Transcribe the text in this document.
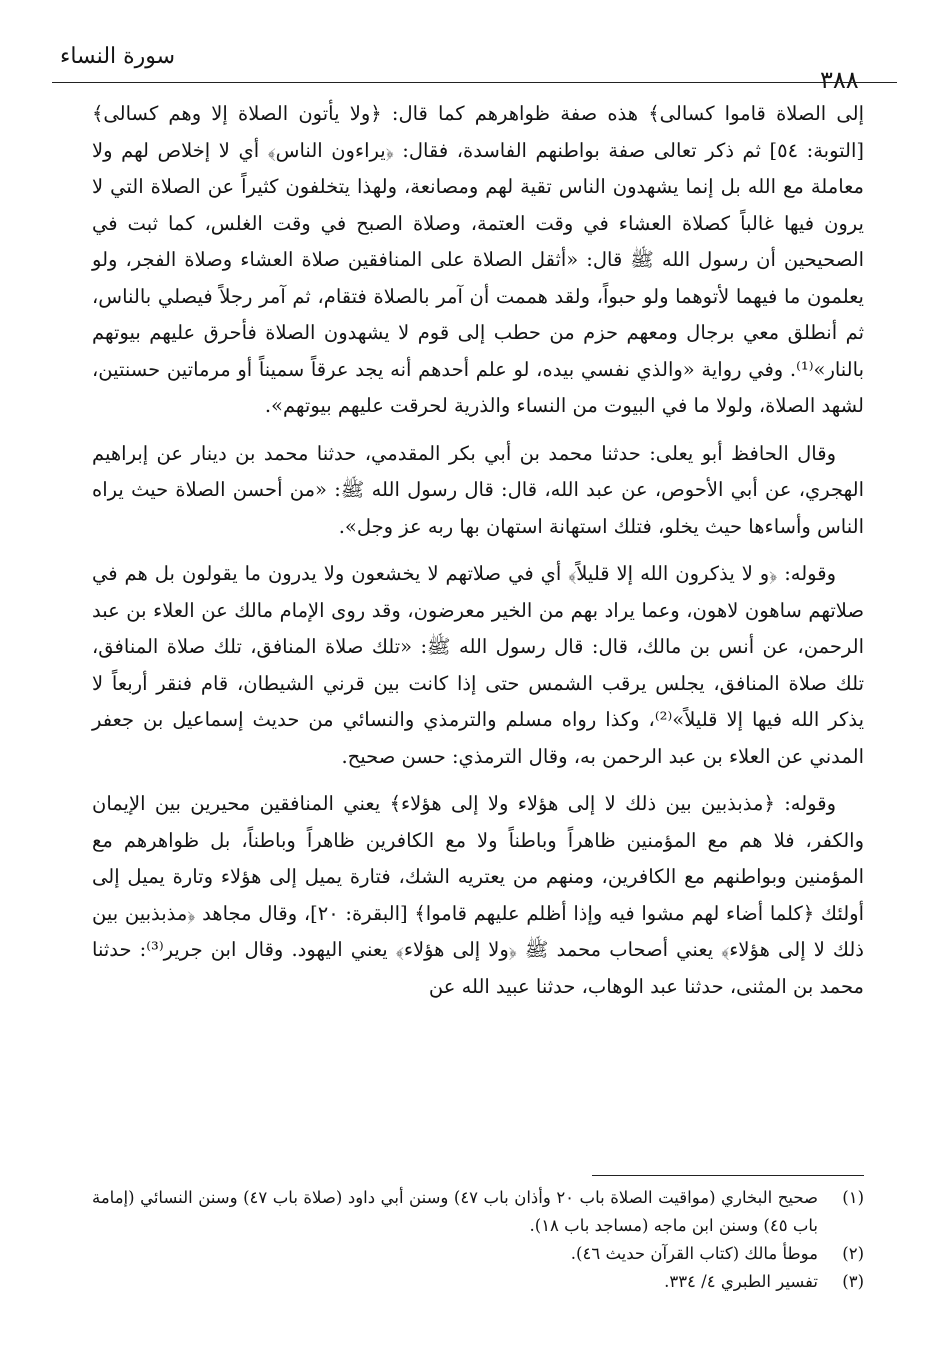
سورة النساء
٣٨٨

إلى الصلاة قاموا كسالى﴾ هذه صفة ظواهرهم كما قال: ﴿ولا يأتون الصلاة إلا وهم كسالى﴾ [التوبة: ٥٤] ثم ذكر تعالى صفة بواطنهم الفاسدة، فقال: ﴿يراءون الناس﴾ أي لا إخلاص لهم ولا معاملة مع الله بل إنما يشهدون الناس تقية لهم ومصانعة، ولهذا يتخلفون كثيراً عن الصلاة التي لا يرون فيها غالباً كصلاة العشاء في وقت العتمة، وصلاة الصبح في وقت الغلس، كما ثبت في الصحيحين أن رسول الله ﷺ قال: «أثقل الصلاة على المنافقين صلاة العشاء وصلاة الفجر، ولو يعلمون ما فيهما لأتوهما ولو حبواً، ولقد هممت أن آمر بالصلاة فتقام، ثم آمر رجلاً فيصلي بالناس، ثم أنطلق معي برجال ومعهم حزم من حطب إلى قوم لا يشهدون الصلاة فأحرق عليهم بيوتهم بالنار»⁽¹⁾. وفي رواية «والذي نفسي بيده، لو علم أحدهم أنه يجد عرقاً سميناً أو مرماتين حسنتين، لشهد الصلاة، ولولا ما في البيوت من النساء والذرية لحرقت عليهم بيوتهم».

وقال الحافظ أبو يعلى: حدثنا محمد بن أبي بكر المقدمي، حدثنا محمد بن دينار عن إبراهيم الهجري، عن أبي الأحوص، عن عبد الله، قال: قال رسول الله ﷺ: «من أحسن الصلاة حيث يراه الناس وأساءها حيث يخلو، فتلك استهانة استهان بها ربه عز وجل».

وقوله: ﴿و لا يذكرون الله إلا قليلاً﴾ أي في صلاتهم لا يخشعون ولا يدرون ما يقولون بل هم في صلاتهم ساهون لاهون، وعما يراد بهم من الخير معرضون، وقد روى الإمام مالك عن العلاء بن عبد الرحمن، عن أنس بن مالك، قال: قال رسول الله ﷺ: «تلك صلاة المنافق، تلك صلاة المنافق، تلك صلاة المنافق، يجلس يرقب الشمس حتى إذا كانت بين قرني الشيطان، قام فنقر أربعاً لا يذكر الله فيها إلا قليلاً»⁽²⁾، وكذا رواه مسلم والترمذي والنسائي من حديث إسماعيل بن جعفر المدني عن العلاء بن عبد الرحمن به، وقال الترمذي: حسن صحيح.

وقوله: ﴿مذبذبين بين ذلك لا إلى هؤلاء ولا إلى هؤلاء﴾ يعني المنافقين محيرين بين الإيمان والكفر، فلا هم مع المؤمنين ظاهراً وباطناً ولا مع الكافرين ظاهراً وباطناً، بل ظواهرهم مع المؤمنين وبواطنهم مع الكافرين، ومنهم من يعتريه الشك، فتارة يميل إلى هؤلاء وتارة يميل إلى أولئك ﴿كلما أضاء لهم مشوا فيه وإذا أظلم عليهم قاموا﴾ [البقرة: ٢٠]، وقال مجاهد ﴿مذبذبين بين ذلك لا إلى هؤلاء﴾ يعني أصحاب محمد ﷺ ﴿ولا إلى هؤلاء﴾ يعني اليهود. وقال ابن جرير⁽³⁾: حدثنا محمد بن المثنى، حدثنا عبد الوهاب، حدثنا عبيد الله عن

(١)
صحيح البخاري (مواقيت الصلاة باب ٢٠ وأذان باب ٤٧) وسنن أبي داود (صلاة باب ٤٧) وسنن النسائي (إمامة باب ٤٥) وسنن ابن ماجه (مساجد باب ١٨).
(٢)
موطأ مالك (كتاب القرآن حديث ٤٦).
(٣)
تفسير الطبري ٤/ ٣٣٤.
